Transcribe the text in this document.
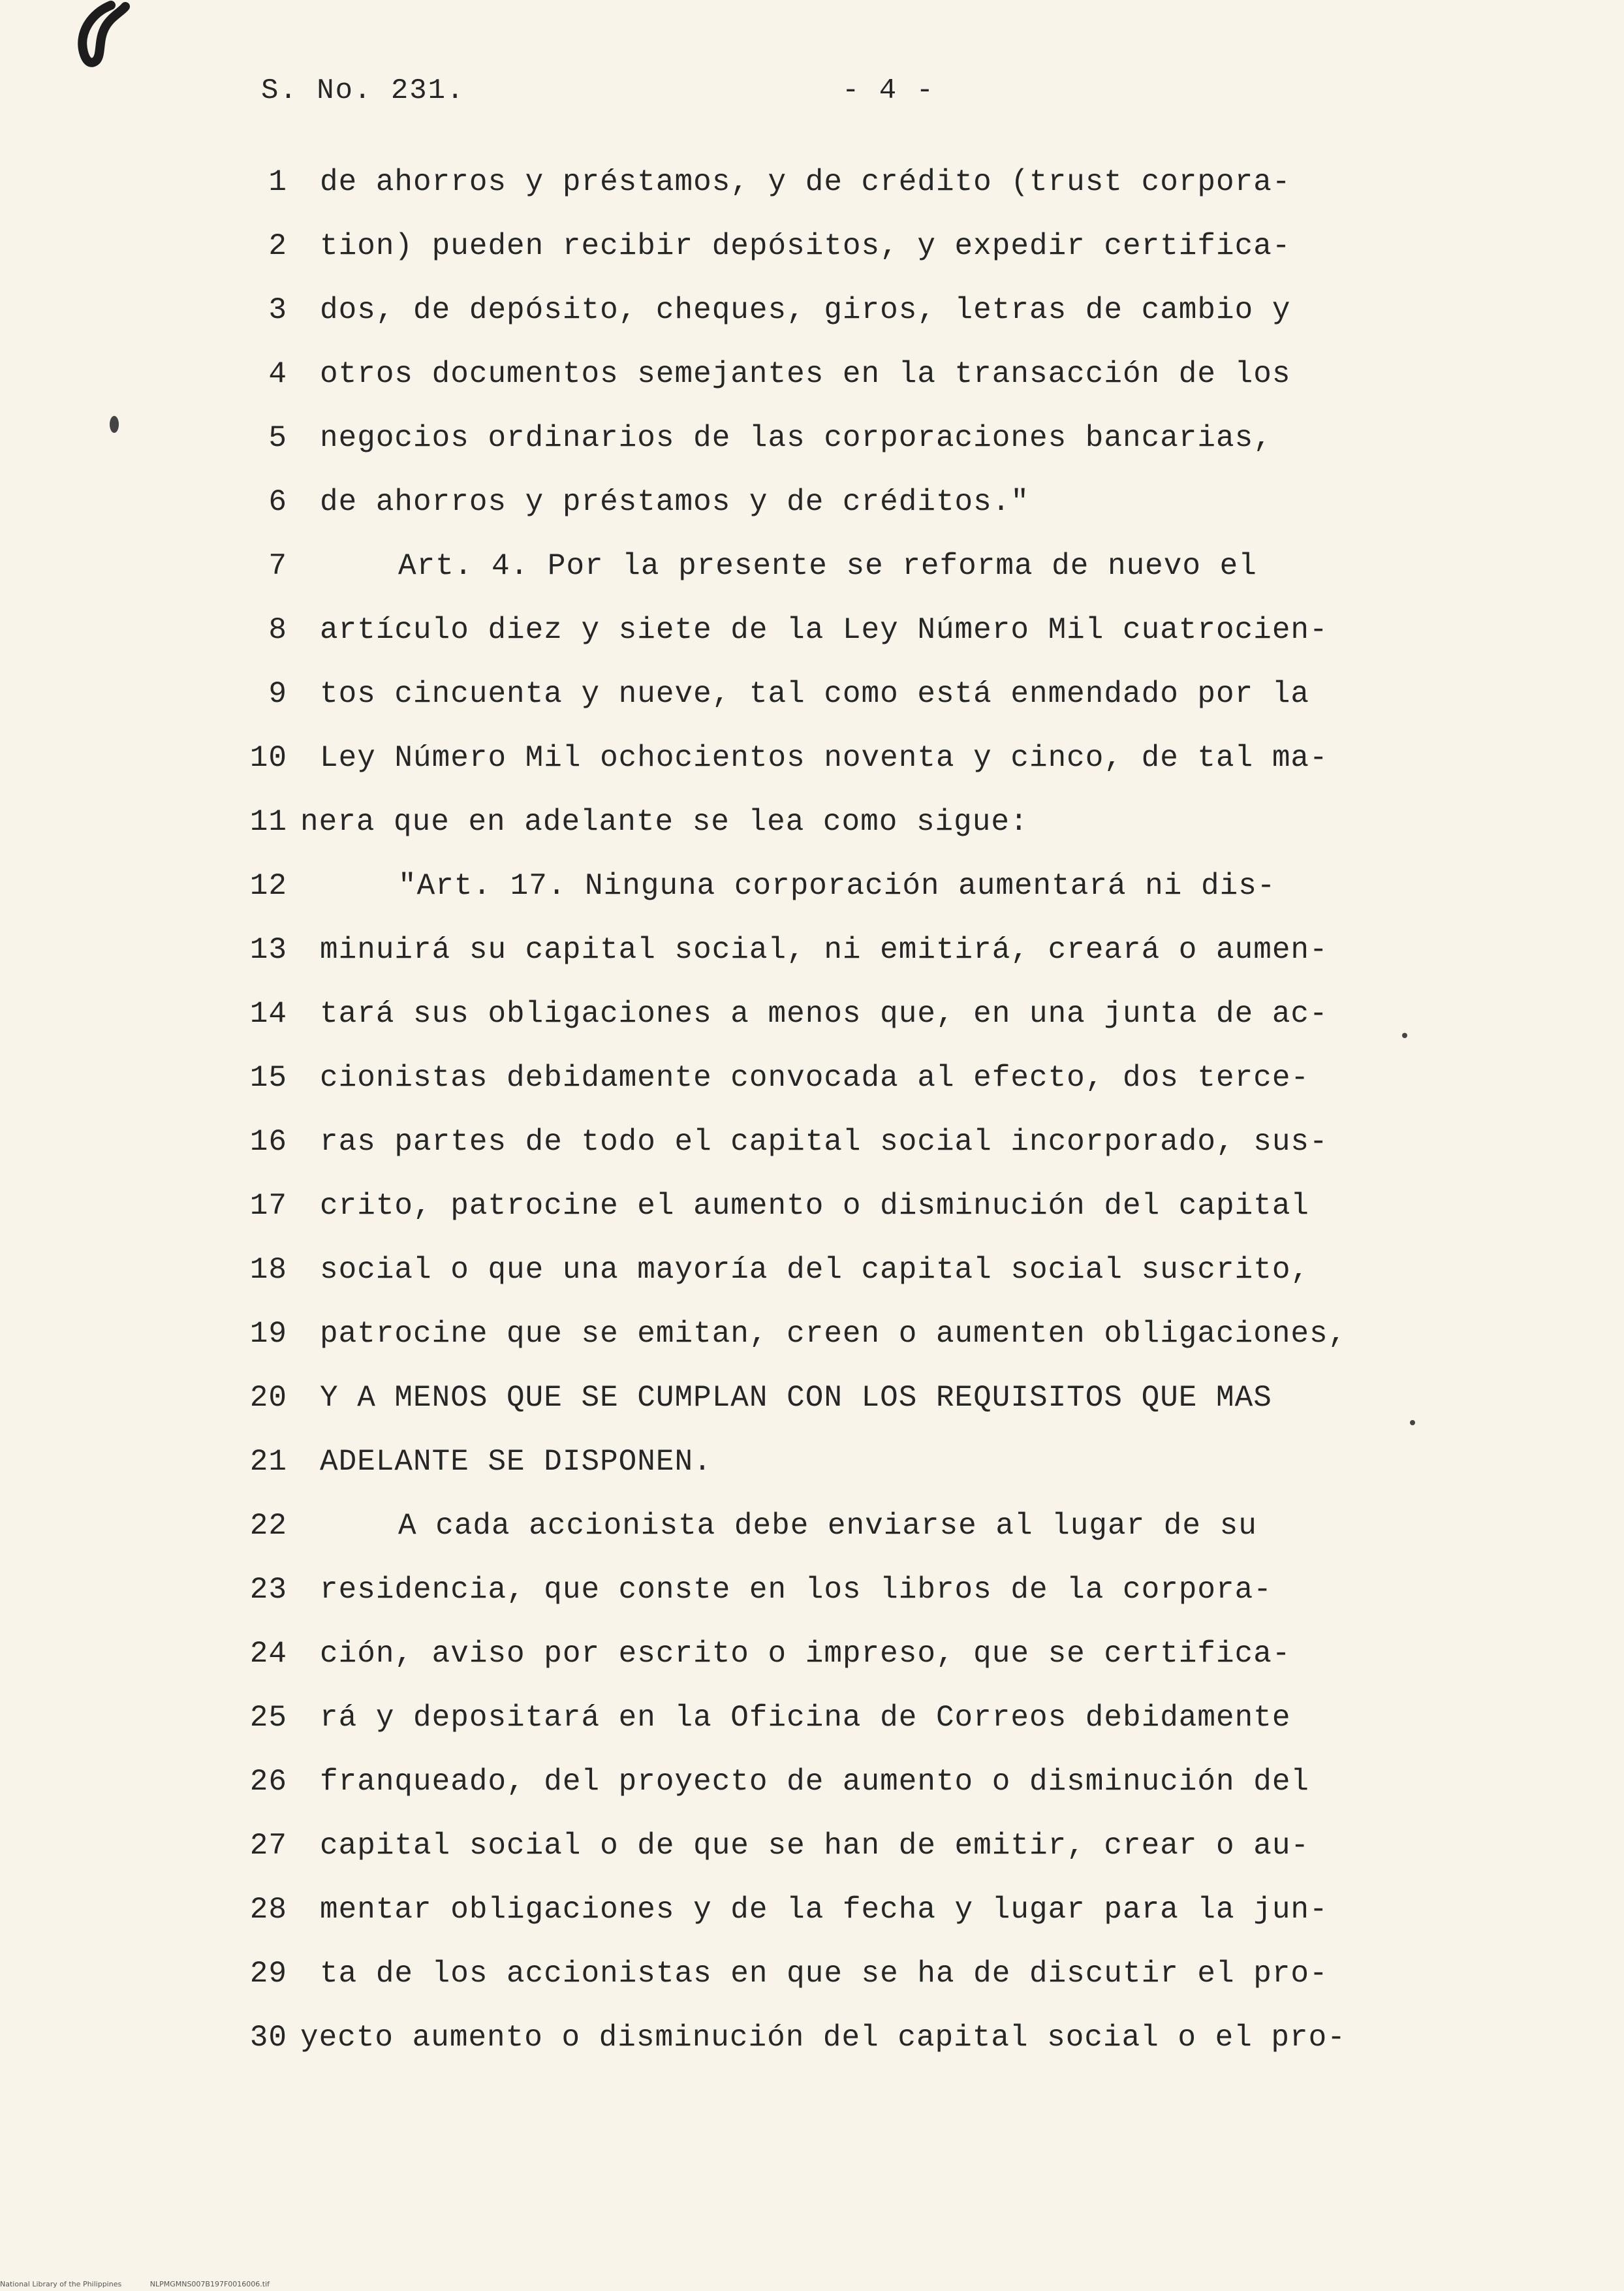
S. No. 231.	- 4 -
1 de ahorros y préstamos, y de crédito (trust corpora-
2 tion) pueden recibir depósitos, y expedir certifica-
3 dos, de depósito, cheques, giros, letras de cambio y
4 otros documentos semejantes en la transacción de los
5 negocios ordinarios de las corporaciones bancarias,
6 de ahorros y préstamos y de créditos."
7	Art. 4. Por la presente se reforma de nuevo el
8 artículo diez y siete de la Ley Número Mil cuatrocien-
9 tos cincuenta y nueve, tal como está enmendado por la
10 Ley Número Mil ochocientos noventa y cinco, de tal ma-
11 nera que en adelante se lea como sigue:
12	"Art. 17. Ninguna corporación aumentará ni dis-
13 minuirá su capital social, ni emitirá, creará o aumen-
14 tará sus obligaciones a menos que, en una junta de ac-
15 cionistas debidamente convocada al efecto, dos terce-
16 ras partes de todo el capital social incorporado, sus-
17 crito, patrocine el aumento o disminución del capital
18 social o que una mayoría del capital social suscrito,
19 patrocine que se emitan, creen o aumenten obligaciones,
20 Y A MENOS QUE SE CUMPLAN CON LOS REQUISITOS QUE MAS
21 ADELANTE SE DISPONEN.
22	A cada accionista debe enviarse al lugar de su
23 residencia, que conste en los libros de la corpora-
24 ción, aviso por escrito o impreso, que se certifica-
25 rá y depositará en la Oficina de Correos debidamente
26 franqueado, del proyecto de aumento o disminución del
27 capital social o de que se han de emitir, crear o au-
28 mentar obligaciones y de la fecha y lugar para la jun-
29 ta de los accionistas en que se ha de discutir el pro-
30 yecto aumento o disminución del capital social o el pro-
National Library of the Philippines	NLPMGMNS007B197F0016006.tif
